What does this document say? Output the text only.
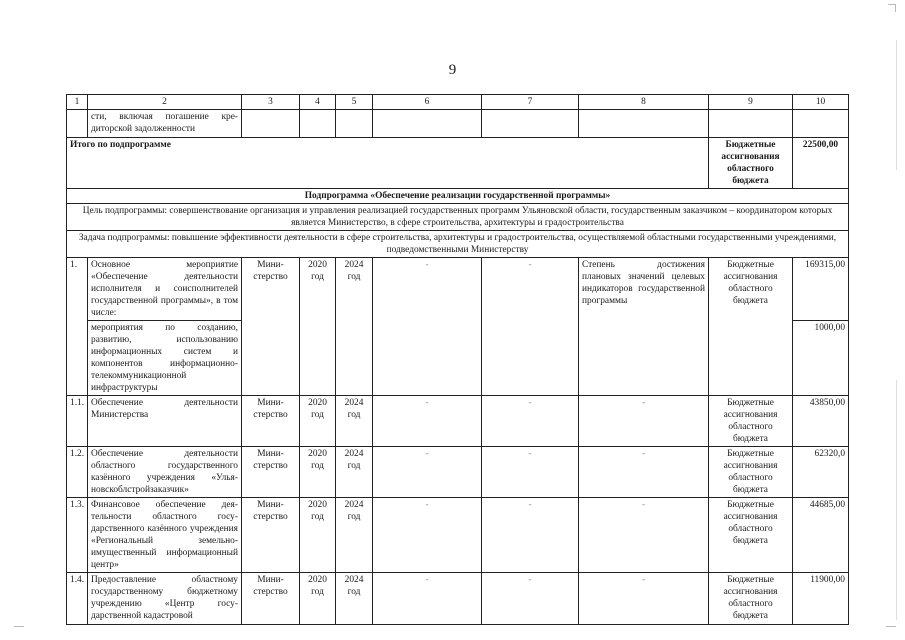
9
1	2	3	4	5	6	7	8	9	10
	сти, включая погашение кредиторской задолженности								
Итого по подпрограмме								Бюджетные ассигнования областного бюджета	22500,00
Подпрограмма «Обеспечение реализации государственной программы»									
Цель подпрограммы: совершенствование организация и управления реализацией государственных программ Ульяновской области, государственным заказчиком – координатором которых является Министерство, в сфере строительства, архитектуры и градостроительства									
Задача подпрограммы: повышение эффективности деятельности в сфере строительства, архитектуры и градостроительства, осуществляемой областными государственными учреждениями, подведомственными Министерству									
1.	Основное мероприятие «Обеспечение деятельности исполнителя и соисполнителей государственной программы», в том числе:	Министерство	2020 год	2024 год	-	-	Степень достижения плановых значений целевых индикаторов государственной программы	Бюджетные ассигнования областного бюджета	169315,00
	мероприятия по созданию, развитию, использованию информационных систем и компонентов информационно-телекоммуникационной инфраструктуры								1000,00
1.1.	Обеспечение деятельности Министерства	Министерство	2020 год	2024 год	-	-	-	Бюджетные ассигнования областного бюджета	43850,00
1.2.	Обеспечение деятельности областного государственного казённого учреждения «Ульяновскоблстройзаказчик»	Министерство	2020 год	2024 год	-	-	-	Бюджетные ассигнования областного бюджета	62320,0
1.3.	Финансовое обеспечение деятельности областного государственного казённого учреждения «Региональный земельно-имущественный информационный центр»	Министерство	2020 год	2024 год	-	-	-	Бюджетные ассигнования областного бюджета	44685,00
1.4.	Предоставление областному государственному бюджетному учреждению «Центр государственной кадастровой	Министерство	2020 год	2024 год	-	-	-	Бюджетные ассигнования областного бюджета	11900,00
